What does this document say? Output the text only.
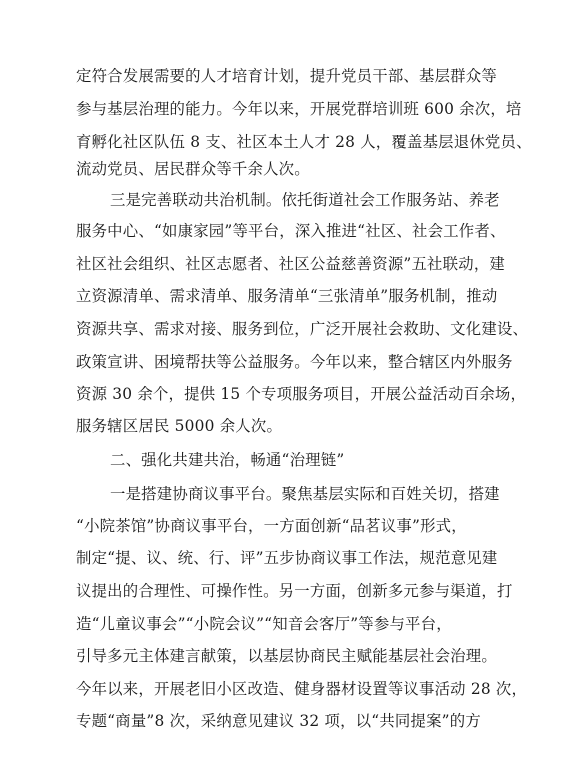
定符合发展需要的人才培育计划，提升党员干部、基层群众等
参与基层治理的能力。今年以来，开展党群培训班 600 余次，培
育孵化社区队伍 8 支、社区本土人才 28 人，覆盖基层退休党员、
流动党员、居民群众等千余人次。
三是完善联动共治机制。依托街道社会工作服务站、养老
服务中心、“如康家园”等平台，深入推进“社区、社会工作者、
社区社会组织、社区志愿者、社区公益慈善资源”五社联动，建
立资源清单、需求清单、服务清单“三张清单”服务机制，推动
资源共享、需求对接、服务到位，广泛开展社会救助、文化建设、
政策宣讲、困境帮扶等公益服务。今年以来，整合辖区内外服务
资源 30 余个，提供 15 个专项服务项目，开展公益活动百余场，
服务辖区居民 5000 余人次。
二、强化共建共治，畅通“治理链”
一是搭建协商议事平台。聚焦基层实际和百姓关切，搭建
“小院茶馆”协商议事平台，一方面创新“品茗议事”形式，
制定“提、议、统、行、评”五步协商议事工作法，规范意见建
议提出的合理性、可操作性。另一方面，创新多元参与渠道，打
造“儿童议事会”“小院会议”“知音会客厅”等参与平台，
引导多元主体建言献策，以基层协商民主赋能基层社会治理。
今年以来，开展老旧小区改造、健身器材设置等议事活动 28 次，
专题“商量”8 次，采纳意见建议 32 项，以“共同提案”的方
